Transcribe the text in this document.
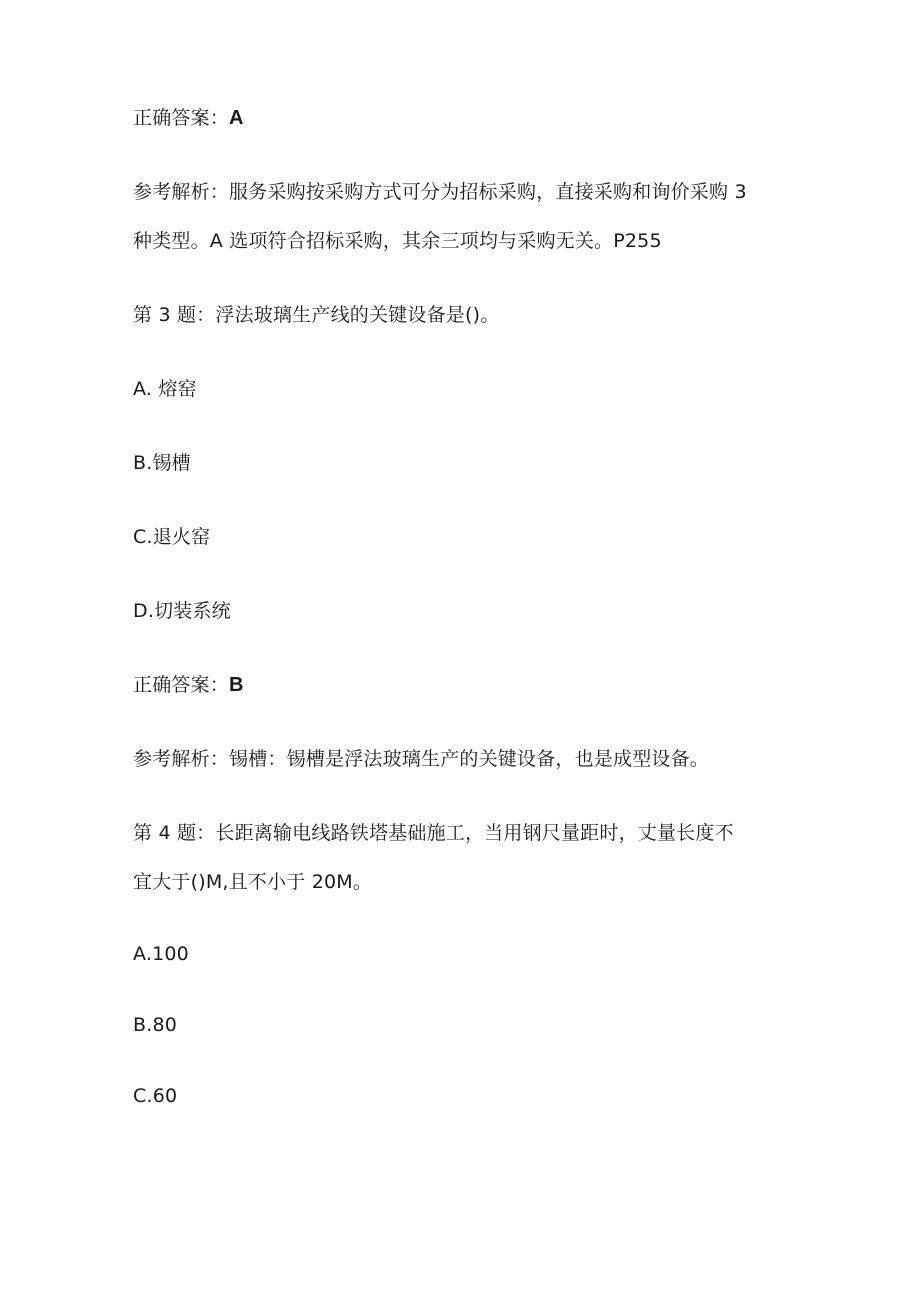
正确答案：A
参考解析：服务采购按采购方式可分为招标采购，直接采购和询价采购 3
种类型。A 选项符合招标采购，其余三项均与采购无关。P255
第 3 题：浮法玻璃生产线的关键设备是()。
A. 熔窑
B.锡槽
C.退火窑
D.切装系统
正确答案：B
参考解析：锡槽：锡槽是浮法玻璃生产的关键设备，也是成型设备。
第 4 题：长距离输电线路铁塔基础施工，当用钢尺量距时，丈量长度不
宜大于()M,且不小于 20M。
A.100
B.80
C.60
